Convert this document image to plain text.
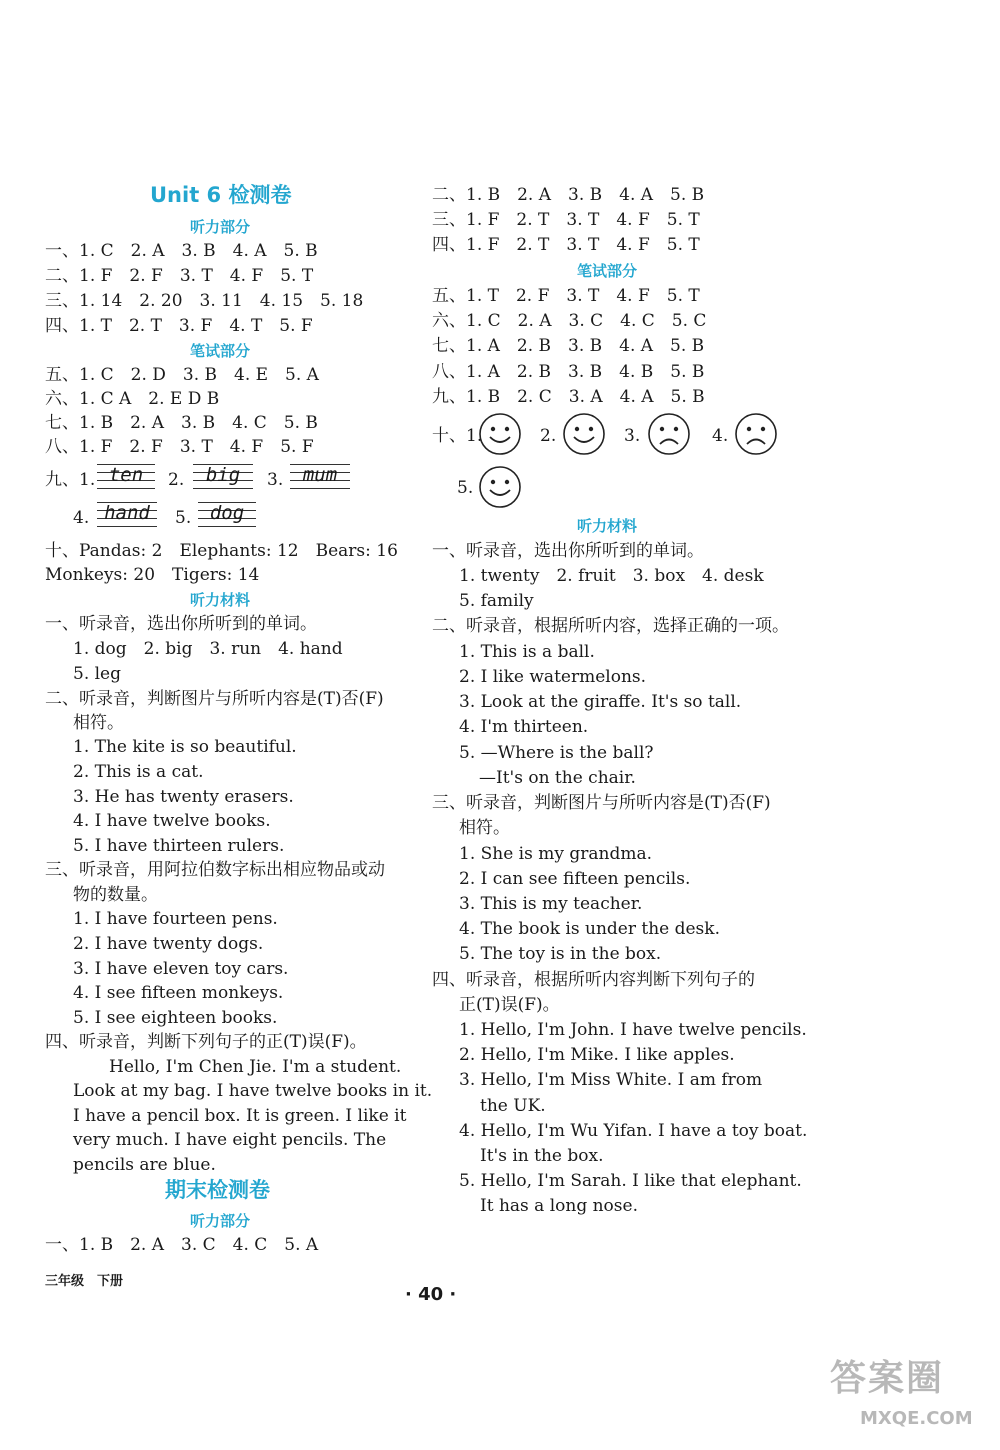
Unit 6 检测卷
听力部分
一、1. C　2. A　3. B　4. A　5. B
二、1. F　2. F　3. T　4. F　5. T
三、1. 14　2. 20　3. 11　4. 15　5. 18
四、1. T　2. T　3. F　4. T　5. F
笔试部分
五、1. C　2. D　3. B　4. E　5. A
六、1. C A　2. E D B
七、1. B　2. A　3. B　4. C　5. B
八、1. F　2. F　3. T　4. F　5. F
九、1. ten	2.	big	3.	mum
4. hand	5. dog
十、Pandas: 2　Elephants: 12　Bears: 16
Monkeys: 20　Tigers: 14
听力材料
一、听录音，选出你所听到的单词。
1. dog　2. big　3. run　4. hand
5. leg
二、听录音，判断图片与所听内容是(T)否(F)
相符。
1. The kite is so beautiful.
2. This is a cat.
3. He has twenty erasers.
4. I have twelve books.
5. I have thirteen rulers.
三、听录音，用阿拉伯数字标出相应物品或动
物的数量。
1. I have fourteen pens.
2. I have twenty dogs.
3. I have eleven toy cars.
4. I see fifteen monkeys.
5. I see eighteen books.
四、听录音，判断下列句子的正(T)误(F)。
Hello, I'm Chen Jie. I'm a student.
Look at my bag. I have twelve books in it.
I have a pencil box. It is green. I like it
very much. I have eight pencils. The
pencils are blue.
期末检测卷
听力部分
一、1. B　2. A　3. C　4. C　5. A
二、1. B　2. A　3. B　4. A　5. B
三、1. F　2. T　3. T　4. F　5. T
四、1. F　2. T　3. T　4. F　5. T
笔试部分
五、1. T　2. F　3. T　4. F　5. T
六、1. C　2. A　3. C　4. C　5. C
七、1. A　2. B　3. B　4. A　5. B
八、1. A　2. B　3. B　4. B　5. B
九、1. B　2. C　3. A　4. A　5. B
十、1.	2.	3.	4.
5.
听力材料
一、听录音，选出你所听到的单词。
1. twenty　2. fruit　3. box　4. desk
5. family
二、听录音，根据所听内容，选择正确的一项。
1. This is a ball.
2. I like watermelons.
3. Look at the giraffe. It's so tall.
4. I'm thirteen.
5. —Where is the ball?
—It's on the chair.
三、听录音，判断图片与所听内容是(T)否(F)
相符。
1. She is my grandma.
2. I can see fifteen pencils.
3. This is my teacher.
4. The book is under the desk.
5. The toy is in the box.
四、听录音，根据所听内容判断下列句子的
正(T)误(F)。
1. Hello, I'm John. I have twelve pencils.
2. Hello, I'm Mike. I like apples.
3. Hello, I'm Miss White. I am from
the UK.
4. Hello, I'm Wu Yifan. I have a toy boat.
It's in the box.
5. Hello, I'm Sarah. I like that elephant.
It has a long nose.
三年级　下册
· 40 ·
答案圈
MXQE.COM
